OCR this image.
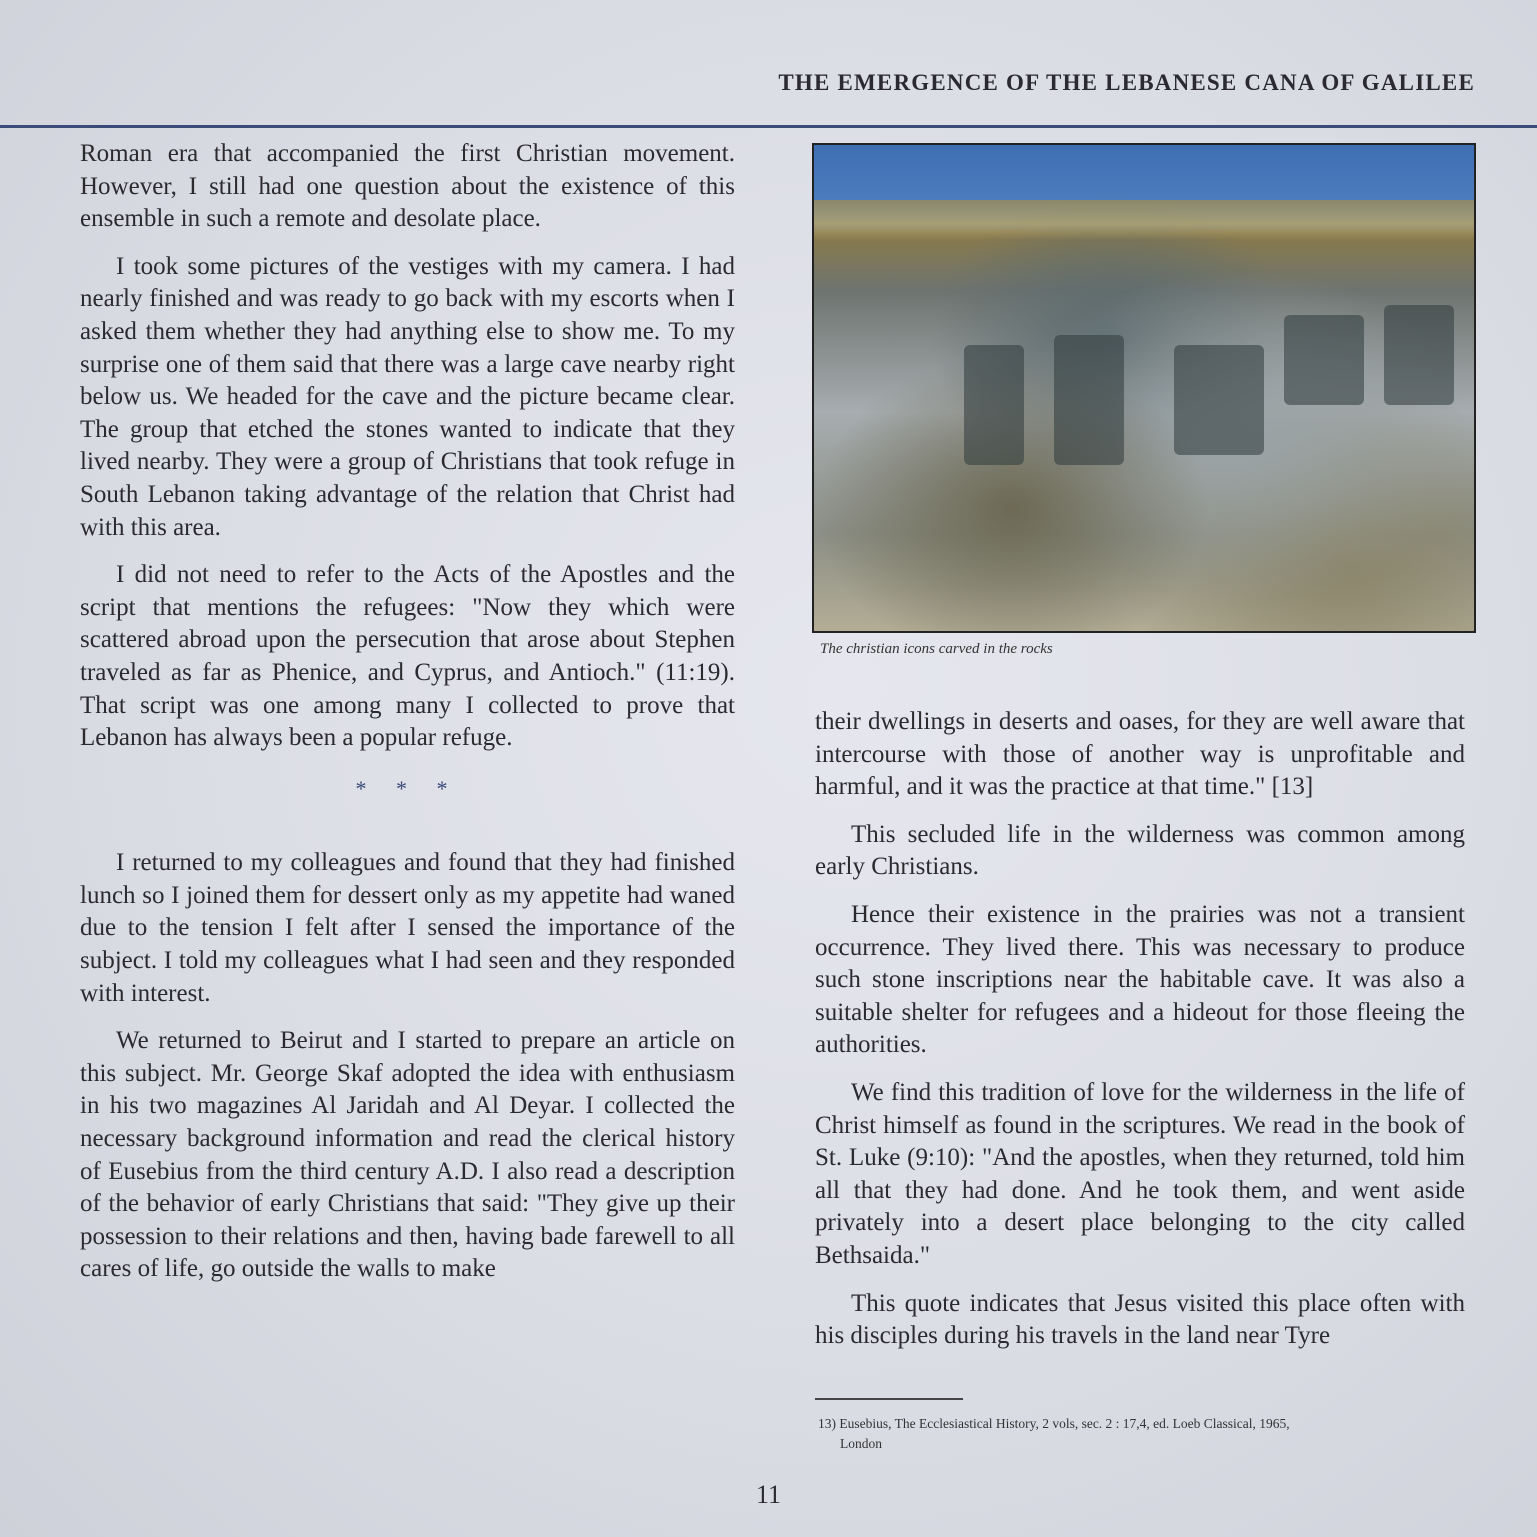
THE EMERGENCE OF THE LEBANESE CANA OF GALILEE

Roman era that accompanied the first Christian movement. However, I still had one question about the existence of this ensemble in such a remote and desolate place.

I took some pictures of the vestiges with my camera. I had nearly finished and was ready to go back with my escorts when I asked them whether they had anything else to show me. To my surprise one of them said that there was a large cave nearby right below us. We headed for the cave and the picture became clear. The group that etched the stones wanted to indicate that they lived nearby. They were a group of Christians that took refuge in South Lebanon taking advantage of the relation that Christ had with this area.

I did not need to refer to the Acts of the Apostles and the script that mentions the refugees: "Now they which were scattered abroad upon the persecution that arose about Stephen traveled as far as Phenice, and Cyprus, and Antioch." (11:19). That script was one among many I collected to prove that Lebanon has always been a popular refuge.

* * *

I returned to my colleagues and found that they had finished lunch so I joined them for dessert only as my appetite had waned due to the tension I felt after I sensed the importance of the subject. I told my colleagues what I had seen and they responded with interest.

We returned to Beirut and I started to prepare an article on this subject. Mr. George Skaf adopted the idea with enthusiasm in his two magazines Al Jaridah and Al Deyar. I collected the necessary background information and read the clerical history of Eusebius from the third century A.D. I also read a description of the behavior of early Christians that said: "They give up their possession to their relations and then, having bade farewell to all cares of life, go outside the walls to make

The christian icons carved in the rocks

their dwellings in deserts and oases, for they are well aware that intercourse with those of another way is unprofitable and harmful, and it was the practice at that time." [13]

This secluded life in the wilderness was common among early Christians.

Hence their existence in the prairies was not a transient occurrence. They lived there. This was necessary to produce such stone inscriptions near the habitable cave. It was also a suitable shelter for refugees and a hideout for those fleeing the authorities.

We find this tradition of love for the wilderness in the life of Christ himself as found in the scriptures. We read in the book of St. Luke (9:10): "And the apostles, when they returned, told him all that they had done. And he took them, and went aside privately into a desert place belonging to the city called Bethsaida."

This quote indicates that Jesus visited this place often with his disciples during his travels in the land near Tyre

13) Eusebius, The Ecclesiastical History, 2 vols, sec. 2 : 17,4, ed. Loeb Classical, 1965,
London
11
